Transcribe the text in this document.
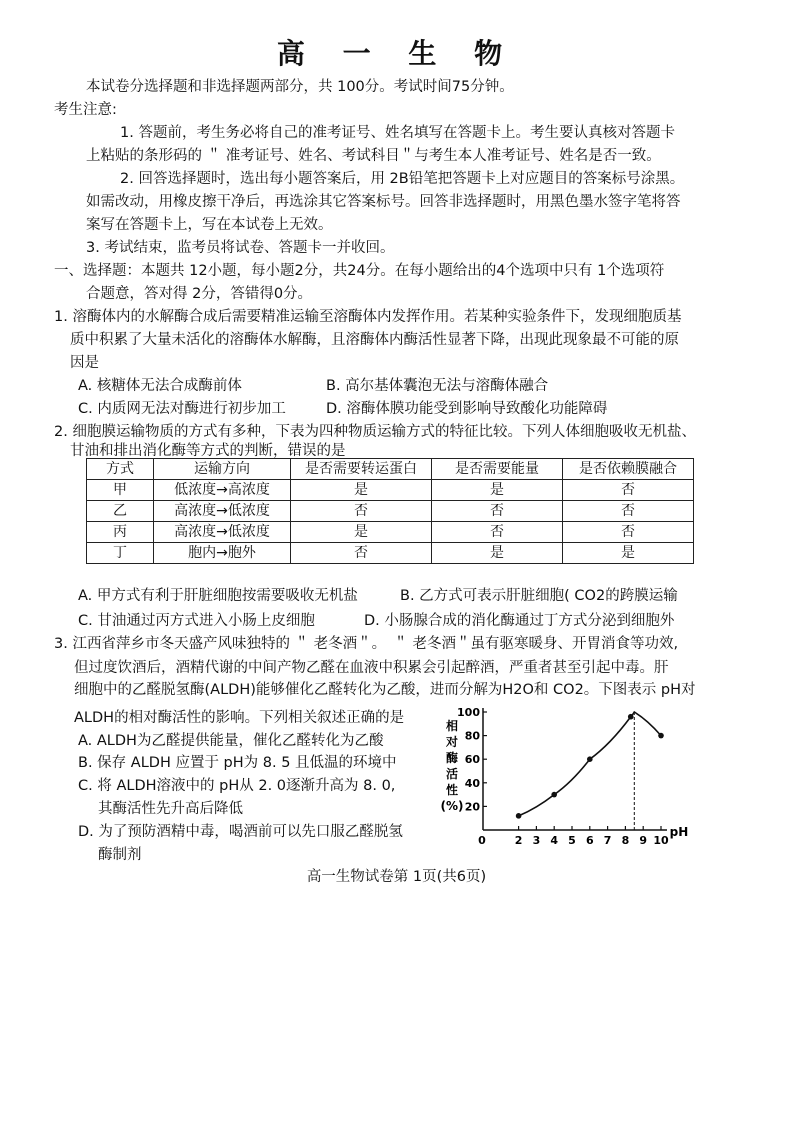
高 一 生 物
本试卷分选择题和非选择题两部分，共 100分。考试时间75分钟。
考生注意:
1. 答题前，考生务必将自己的准考证号、姓名填写在答题卡上。考生要认真核对答题卡
上粘贴的条形码的 ＂ 准考证号、姓名、考试科目＂与考生本人准考证号、姓名是否一致。
2. 回答选择题时，选出每小题答案后，用 2B铅笔把答题卡上对应题目的答案标号涂黑。
如需改动，用橡皮擦干净后，再选涂其它答案标号。回答非选择题时，用黑色墨水签字笔将答
案写在答题卡上，写在本试卷上无效。
3. 考试结束，监考员将试卷、答题卡一并收回。
一、选择题：本题共 12小题，每小题2分，共24分。在每小题给出的4个选项中只有 1个选项符
合题意，答对得 2分，答错得0分。
1. 溶酶体内的水解酶合成后需要精准运输至溶酶体内发挥作用。若某种实验条件下，发现细胞质基
质中积累了大量未活化的溶酶体水解酶，且溶酶体内酶活性显著下降，出现此现象最不可能的原
因是
A. 核糖体无法合成酶前体	B. 高尔基体囊泡无法与溶酶体融合
C. 内质网无法对酶进行初步加工	D. 溶酶体膜功能受到影响导致酸化功能障碍
2. 细胞膜运输物质的方式有多种，下表为四种物质运输方式的特征比较。下列人体细胞吸收无机盐、
甘油和排出消化酶等方式的判断，错误的是
方式	运输方向	是否需要转运蛋白	是否需要能量	是否依赖膜融合
甲	低浓度→高浓度	是	是	否
乙	高浓度→低浓度	否	否	否
丙	高浓度→低浓度	是	否	否
丁	胞内→胞外	否	是	是
A. 甲方式有利于肝脏细胞按需要吸收无机盐	B. 乙方式可表示肝脏细胞( CO2的跨膜运输
C. 甘油通过丙方式进入小肠上皮细胞	D. 小肠腺合成的消化酶通过丁方式分泌到细胞外
3. 江西省萍乡市冬天盛产风味独特的 ＂ 老冬酒＂。　＂ 老冬酒＂虽有驱寒暖身、开胃消食等功效,
但过度饮酒后，酒精代谢的中间产物乙醛在血液中积累会引起醉酒，严重者甚至引起中毒。肝
细胞中的乙醛脱氢酶(ALDH)能够催化乙醛转化为乙酸，进而分解为H2O和 CO2。下图表示 pH对
ALDH的相对酶活性的影响。下列相关叙述正确的是
A. ALDH为乙醛提供能量，催化乙醛转化为乙酸
B. 保存 ALDH 应置于 pH为 8. 5 且低温的环境中
C. 将 ALDH溶液中的 pH从 2. 0逐渐升高为 8. 0,
其酶活性先升高后降低
D. 为了预防酒精中毒，喝酒前可以先口服乙醛脱氢
酶制剂
20
40
60
80
100
0	2 3 4 5 6 7 8 9 10
pH
相
对
酶
活
性
(%)
高一生物试卷第 1页(共6页)
